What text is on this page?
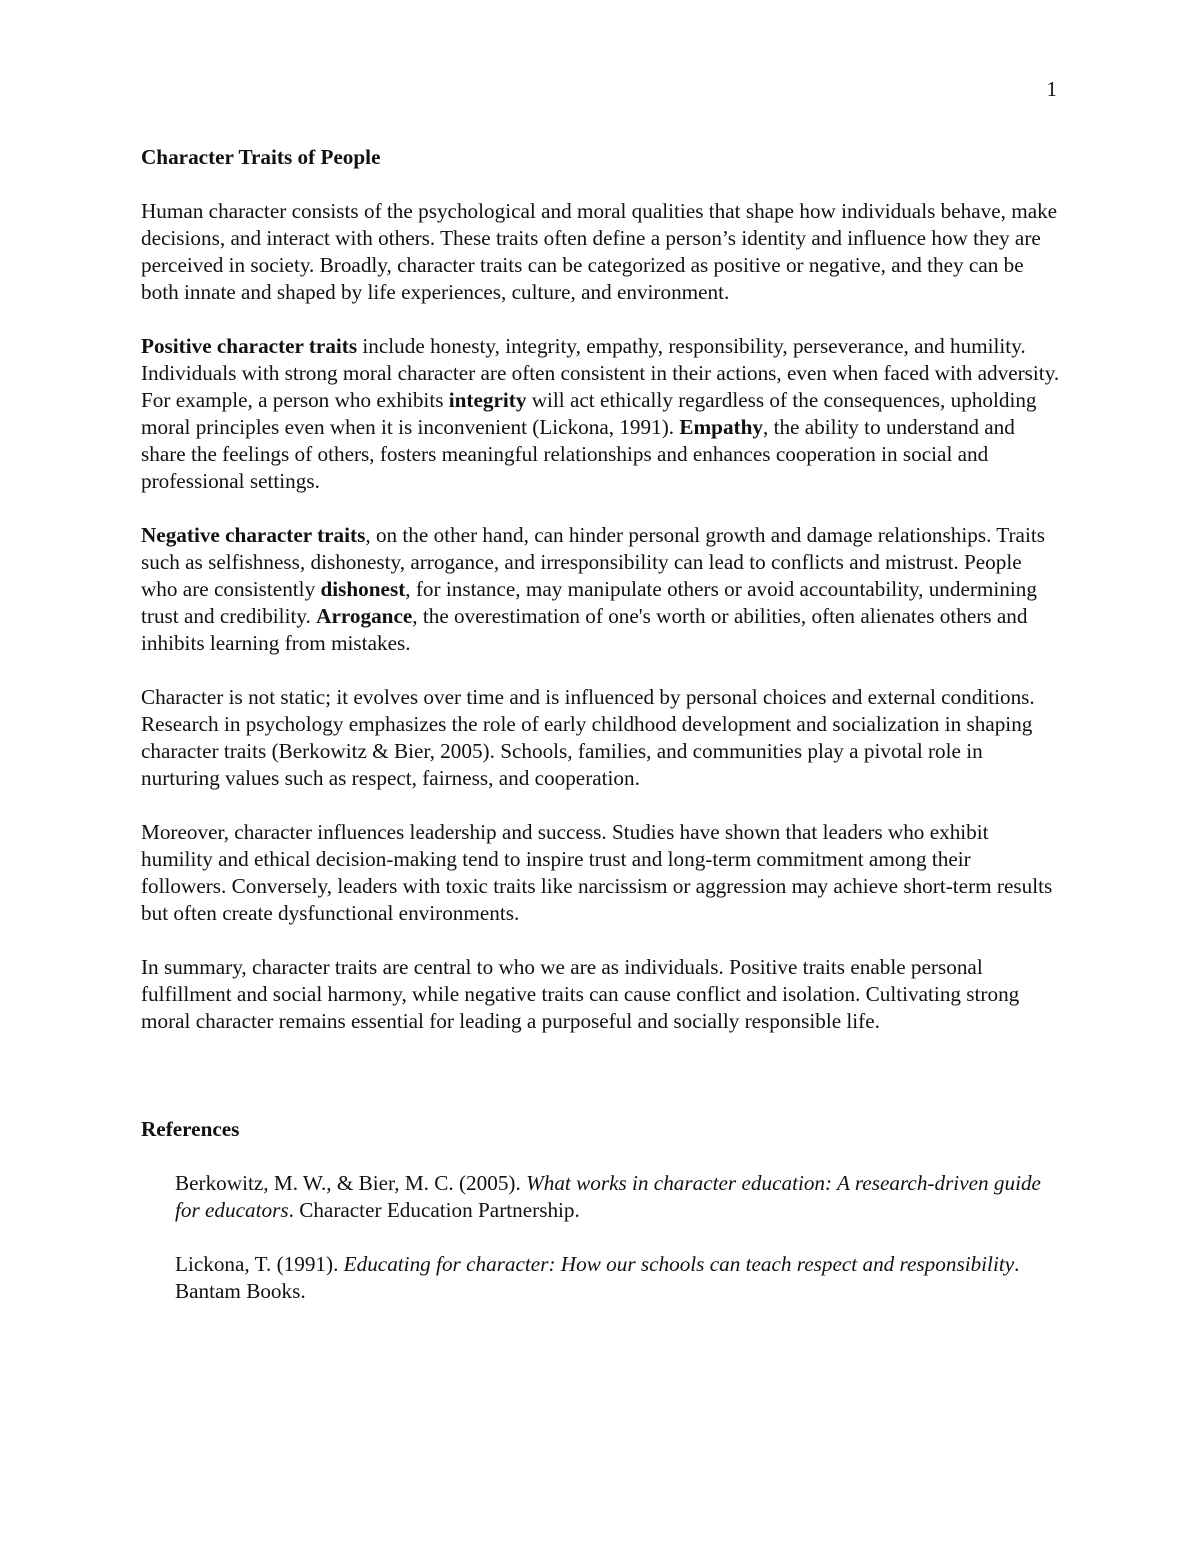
1
Character Traits of People

Human character consists of the psychological and moral qualities that shape how individuals behave, make decisions, and interact with others. These traits often define a person’s identity and influence how they are perceived in society. Broadly, character traits can be categorized as positive or negative, and they can be both innate and shaped by life experiences, culture, and environment.

Positive character traits include honesty, integrity, empathy, responsibility, perseverance, and humility. Individuals with strong moral character are often consistent in their actions, even when faced with adversity. For example, a person who exhibits integrity will act ethically regardless of the consequences, upholding moral principles even when it is inconvenient (Lickona, 1991). Empathy, the ability to understand and share the feelings of others, fosters meaningful relationships and enhances cooperation in social and professional settings.

Negative character traits, on the other hand, can hinder personal growth and damage relationships. Traits such as selfishness, dishonesty, arrogance, and irresponsibility can lead to conflicts and mistrust. People who are consistently dishonest, for instance, may manipulate others or avoid accountability, undermining trust and credibility. Arrogance, the overestimation of one's worth or abilities, often alienates others and inhibits learning from mistakes.

Character is not static; it evolves over time and is influenced by personal choices and external conditions. Research in psychology emphasizes the role of early childhood development and socialization in shaping character traits (Berkowitz & Bier, 2005). Schools, families, and communities play a pivotal role in nurturing values such as respect, fairness, and cooperation.

Moreover, character influences leadership and success. Studies have shown that leaders who exhibit humility and ethical decision-making tend to inspire trust and long-term commitment among their followers. Conversely, leaders with toxic traits like narcissism or aggression may achieve short-term results but often create dysfunctional environments.

In summary, character traits are central to who we are as individuals. Positive traits enable personal fulfillment and social harmony, while negative traits can cause conflict and isolation. Cultivating strong moral character remains essential for leading a purposeful and socially responsible life.

References

Berkowitz, M. W., & Bier, M. C. (2005). What works in character education: A research-driven guide for educators. Character Education Partnership.

Lickona, T. (1991). Educating for character: How our schools can teach respect and responsibility. Bantam Books.
